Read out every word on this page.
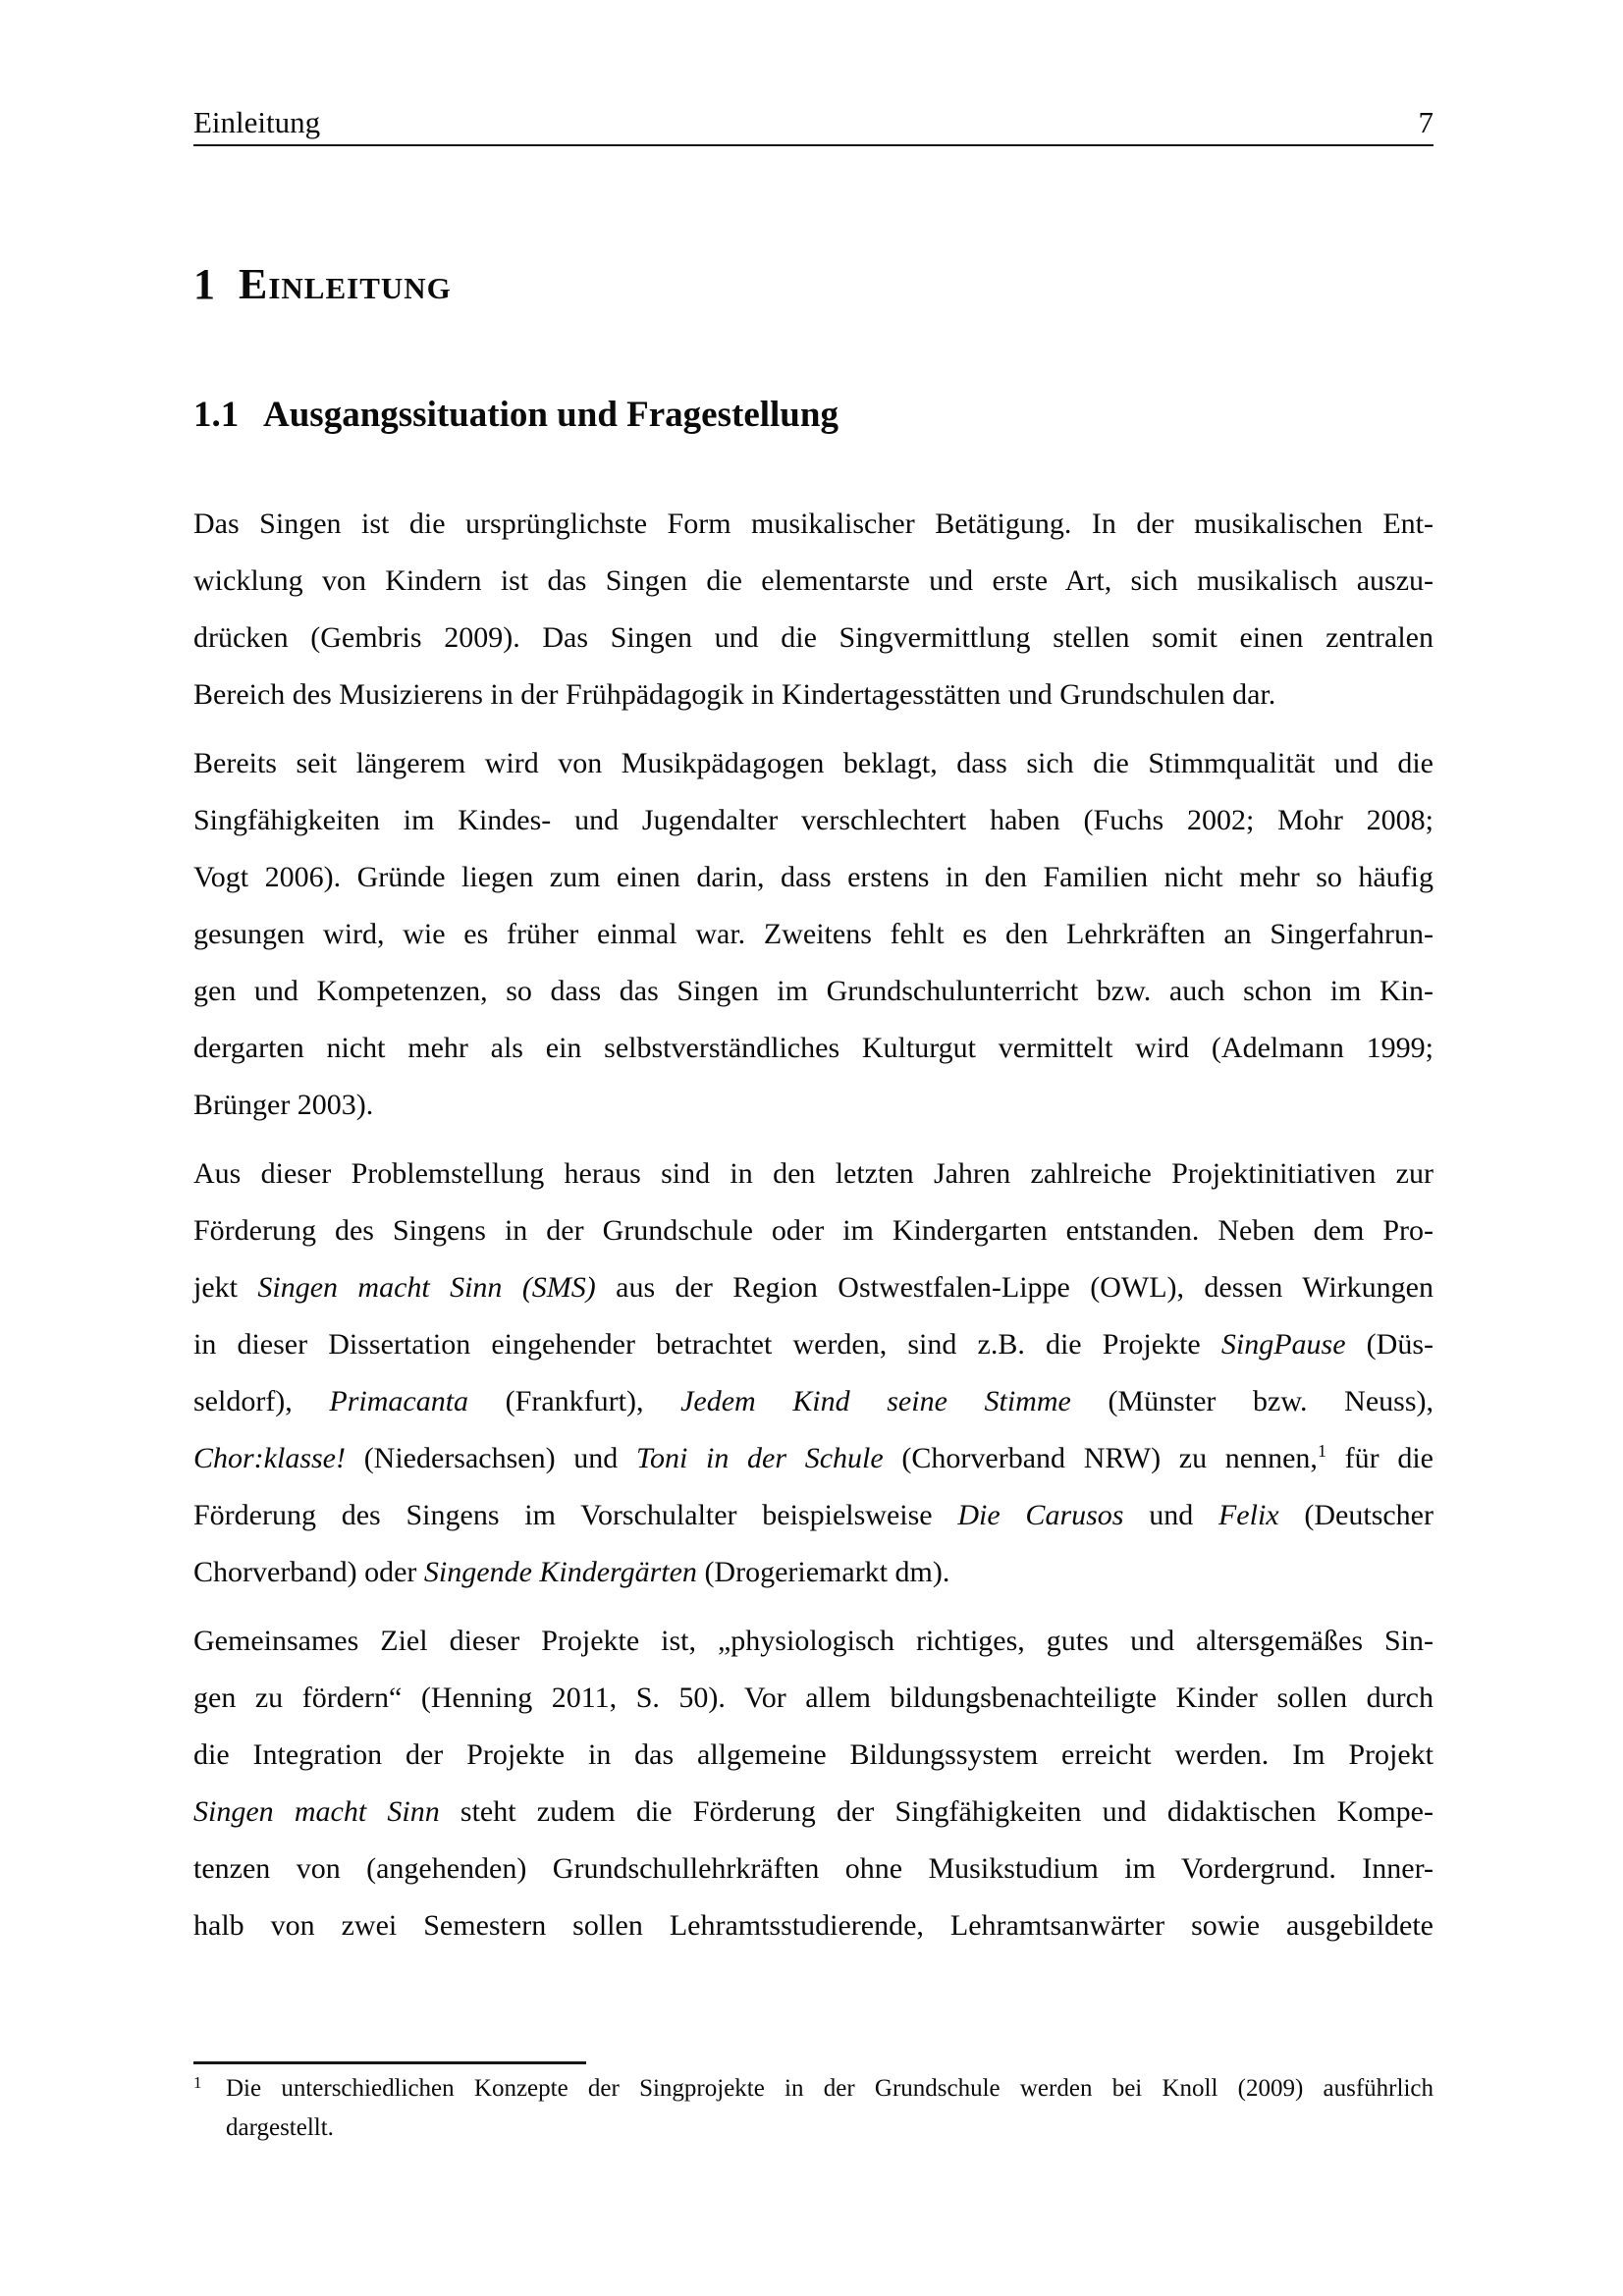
Einleitung	7
1 Einleitung
1.1 Ausgangssituation und Fragestellung
Das Singen ist die ursprünglichste Form musikalischer Betätigung. In der musikalischen Ent-
wicklung von Kindern ist das Singen die elementarste und erste Art, sich musikalisch auszu-
drücken (Gembris 2009). Das Singen und die Singvermittlung stellen somit einen zentralen
Bereich des Musizierens in der Frühpädagogik in Kindertagesstätten und Grundschulen dar.
Bereits seit längerem wird von Musikpädagogen beklagt, dass sich die Stimmqualität und die
Singfähigkeiten im Kindes- und Jugendalter verschlechtert haben (Fuchs 2002; Mohr 2008;
Vogt 2006). Gründe liegen zum einen darin, dass erstens in den Familien nicht mehr so häufig
gesungen wird, wie es früher einmal war. Zweitens fehlt es den Lehrkräften an Singerfahrun-
gen und Kompetenzen, so dass das Singen im Grundschulunterricht bzw. auch schon im Kin-
dergarten nicht mehr als ein selbstverständliches Kulturgut vermittelt wird (Adelmann 1999;
Brünger 2003).
Aus dieser Problemstellung heraus sind in den letzten Jahren zahlreiche Projektinitiativen zur
Förderung des Singens in der Grundschule oder im Kindergarten entstanden. Neben dem Pro-
jekt Singen macht Sinn (SMS) aus der Region Ostwestfalen-Lippe (OWL), dessen Wirkungen
in dieser Dissertation eingehender betrachtet werden, sind z.B. die Projekte SingPause (Düs-
seldorf), Primacanta (Frankfurt), Jedem Kind seine Stimme (Münster bzw. Neuss),
Chor:klasse! (Niedersachsen) und Toni in der Schule (Chorverband NRW) zu nennen,$^1$ für die
Förderung des Singens im Vorschulalter beispielsweise Die Carusos und Felix (Deutscher
Chorverband) oder Singende Kindergärten (Drogeriemarkt dm).
Gemeinsames Ziel dieser Projekte ist, „physiologisch richtiges, gutes und altersgemäßes Sin-
gen zu fördern“ (Henning 2011, S. 50). Vor allem bildungsbenachteiligte Kinder sollen durch
die Integration der Projekte in das allgemeine Bildungssystem erreicht werden. Im Projekt
Singen macht Sinn steht zudem die Förderung der Singfähigkeiten und didaktischen Kompe-
tenzen von (angehenden) Grundschullehrkräften ohne Musikstudium im Vordergrund. Inner-
halb von zwei Semestern sollen Lehramtsstudierende, Lehramtsanwärter sowie ausgebildete
1 Die unterschiedlichen Konzepte der Singprojekte in der Grundschule werden bei Knoll (2009) ausführlich
dargestellt.
